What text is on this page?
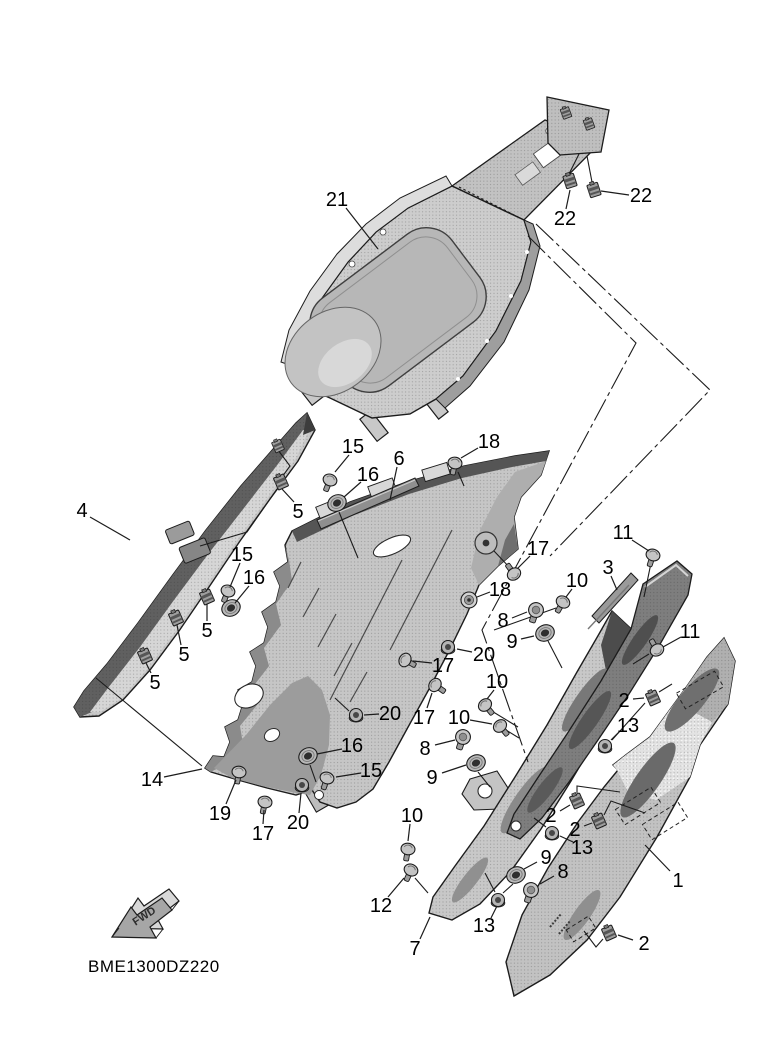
21
22
22
4
15
16
6
18
5
15
16
5
5
5
17
18
11
3
10
8
9
20
17
11
2
13
10
20 17 10
8
9
14
16
15
19
17 20	2
2
13
10
9
8
12
13
7
1
2
FWD
BME1300DZ220
